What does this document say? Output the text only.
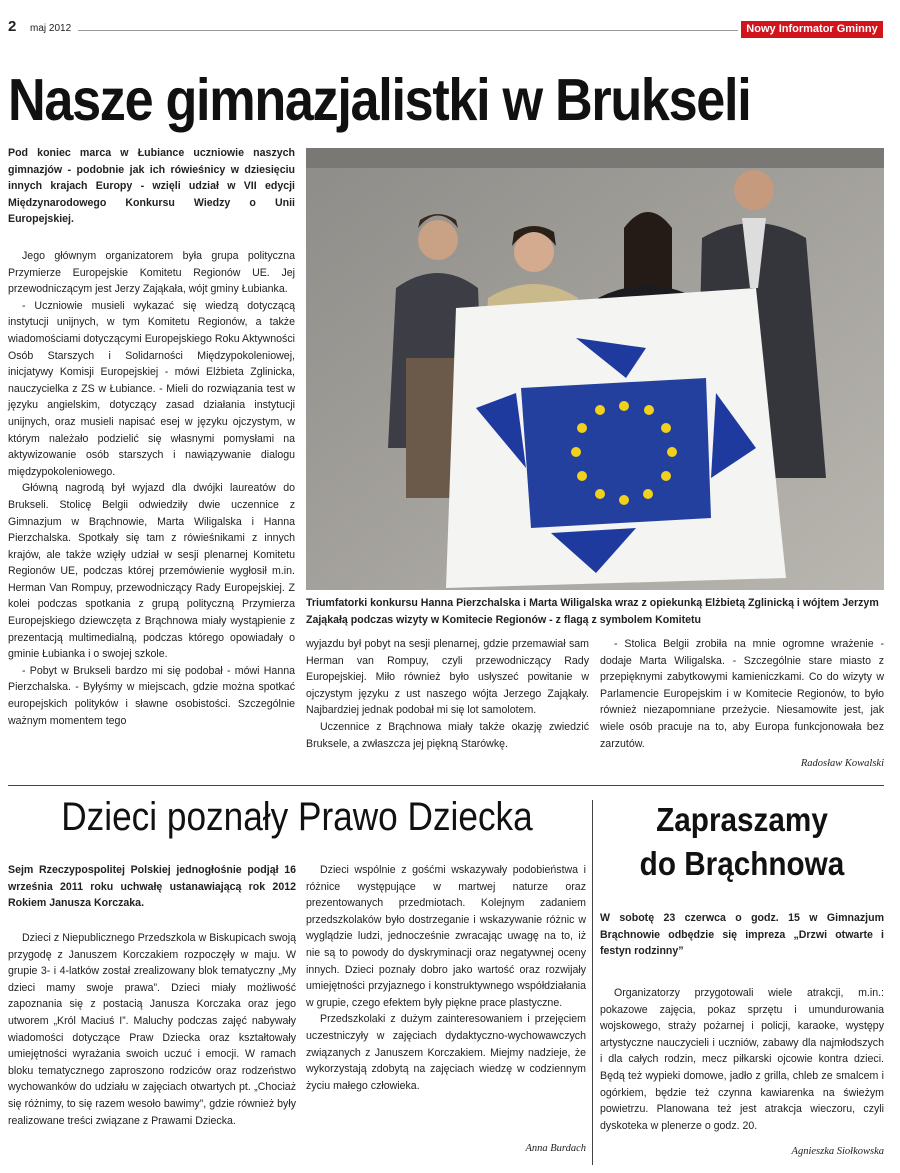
2 maj 2012	Nowy Informator Gminny
Nasze gimnazjalistki w Brukseli
Pod koniec marca w Łubiance uczniowie naszych gimnazjów - podobnie jak ich rówieśnicy w dziesięciu innych krajach Europy - wzięli udział w VII edycji Międzynarodowego Konkursu Wiedzy o Unii Europejskiej.

Jego głównym organizatorem była grupa polityczna Przymierze Europejskie Komitetu Regionów UE. Jej przewodniczącym jest Jerzy Zająkała, wójt gminy Łubianka.

- Uczniowie musieli wykazać się wiedzą dotyczącą instytucji unijnych, w tym Komitetu Regionów, a także wiadomościami dotyczącymi Europejskiego Roku Aktywności Osób Starszych i Solidarności Międzypokoleniowej, inicjatywy Komisji Europejskiej - mówi Elżbieta Zglinicka, nauczycielka z ZS w Łubiance. - Mieli do rozwiązania test w języku angielskim, dotyczący zasad działania instytucji unijnych, oraz musieli napisać esej w języku ojczystym, w którym należało podzielić się własnymi pomysłami na aktywizowanie osób starszych i nawiązywanie dialogu międzypokoleniowego.

Główną nagrodą był wyjazd dla dwójki laureatów do Brukseli. Stolicę Belgii odwiedziły dwie uczennice z Gimnazjum w Brąchnowie, Marta Wiligalska i Hanna Pierzchalska. Spotkały się tam z rówieśnikami z innych krajów, ale także wzięły udział w sesji plenarnej Komitetu Regionów UE, podczas której przemówienie wygłosił m.in. Herman Van Rompuy, przewodniczący Rady Europejskiej. Z kolei podczas spotkania z grupą polityczną Przymierza Europejskiego dziewczęta z Brąchnowa miały wystąpienie z prezentacją multimedialną, podczas którego opowiadały o gminie Łubianka i o swojej szkole.

- Pobyt w Brukseli bardzo mi się podobał - mówi Hanna Pierzchalska. - Byłyśmy w miejscach, gdzie można spotkać europejskich polityków i sławne osobistości. Szczególnie ważnym momentem tego

Triumfatorki konkursu Hanna Pierzchalska i Marta Wiligalska wraz z opiekunką Elżbietą Zglinicką i wójtem Jerzym Zająkałą podczas wizyty w Komitecie Regionów - z flagą z symbolem Komitetu

wyjazdu był pobyt na sesji plenarnej, gdzie przemawiał sam Herman van Rompuy, czyli przewodniczący Rady Europejskiej. Miło również było usłyszeć powitanie w ojczystym języku z ust naszego wójta Jerzego Zająkały. Najbardziej jednak podobał mi się lot samolotem.

Uczennice z Brąchnowa miały także okazję zwiedzić Bruksele, a zwłaszcza jej piękną Starówkę.

- Stolica Belgii zrobiła na mnie ogromne wrażenie - dodaje Marta Wiligalska. - Szczególnie stare miasto z przepięknymi zabytkowymi kamieniczkami. Co do wizyty w Parlamencie Europejskim i w Komitecie Regionów, to było również niezapomniane przeżycie. Niesamowite jest, jak wiele osób pracuje na to, aby Europa funkcjonowała bez zarzutów.

Radosław Kowalski
Dzieci poznały Prawo Dziecka
Sejm Rzeczypospolitej Polskiej jednogłośnie podjął 16 września 2011 roku uchwałę ustanawiającą rok 2012 Rokiem Janusza Korczaka.

Dzieci z Niepublicznego Przedszkola w Biskupicach swoją przygodę z Januszem Korczakiem rozpoczęły w maju. W grupie 3- i 4-latków został zrealizowany blok tematyczny „My dzieci mamy swoje prawa”. Dzieci miały możliwość zapoznania się z postacią Janusza Korczaka oraz jego utworem „Król Maciuś I”. Maluchy podczas zajęć nabywały wiadomości dotyczące Praw Dziecka oraz kształtowały umiejętności wyrażania swoich uczuć i emocji. W ramach bloku tematycznego zaproszono rodziców oraz rodzeństwo wychowanków do udziału w zajęciach otwartych pt. „Chociaż się różnimy, to się razem wesoło bawimy”, gdzie również były realizowane treści związane z Prawami Dziecka.

Dzieci wspólnie z gośćmi wskazywały podobieństwa i różnice występujące w martwej naturze oraz prezentowanych przedmiotach. Kolejnym zadaniem przedszkolaków było dostrzeganie i wskazywanie różnic w wyglądzie ludzi, jednocześnie zwracając uwagę na to, iż nie są to powody do dyskryminacji oraz negatywnej oceny innych. Dzieci poznały dobro jako wartość oraz rozwijały umiejętności przyjaznego i konstruktywnego współdziałania w grupie, czego efektem były piękne prace plastyczne.

Przedszkolaki z dużym zainteresowaniem i przejęciem uczestniczyły w zajęciach dydaktyczno-wychowawczych związanych z Januszem Korczakiem. Miejmy nadzieje, że wykorzystają zdobytą na zajęciach wiedzę w codziennym życiu małego człowieka.

Anna Burdach
Zapraszamy
do Brąchnowa
W sobotę 23 czerwca o godz. 15 w Gimnazjum Brąchnowie odbędzie się impreza „Drzwi otwarte i festyn rodzinny”

Organizatorzy przygotowali wiele atrakcji, m.in.: pokazowe zajęcia, pokaz sprzętu i umundurowania wojskowego, straży pożarnej i policji, karaoke, występy artystyczne nauczycieli i uczniów, zabawy dla najmłodszych i dla całych rodzin, mecz piłkarski ojcowie kontra dzieci. Będą też wypieki domowe, jadło z grilla, chleb ze smalcem i ogórkiem, będzie też czynna kawiarenka na świeżym powietrzu. Planowana też jest atrakcja wieczoru, czyli dyskoteka w plenerze o godz. 20.

Agnieszka Siołkowska
